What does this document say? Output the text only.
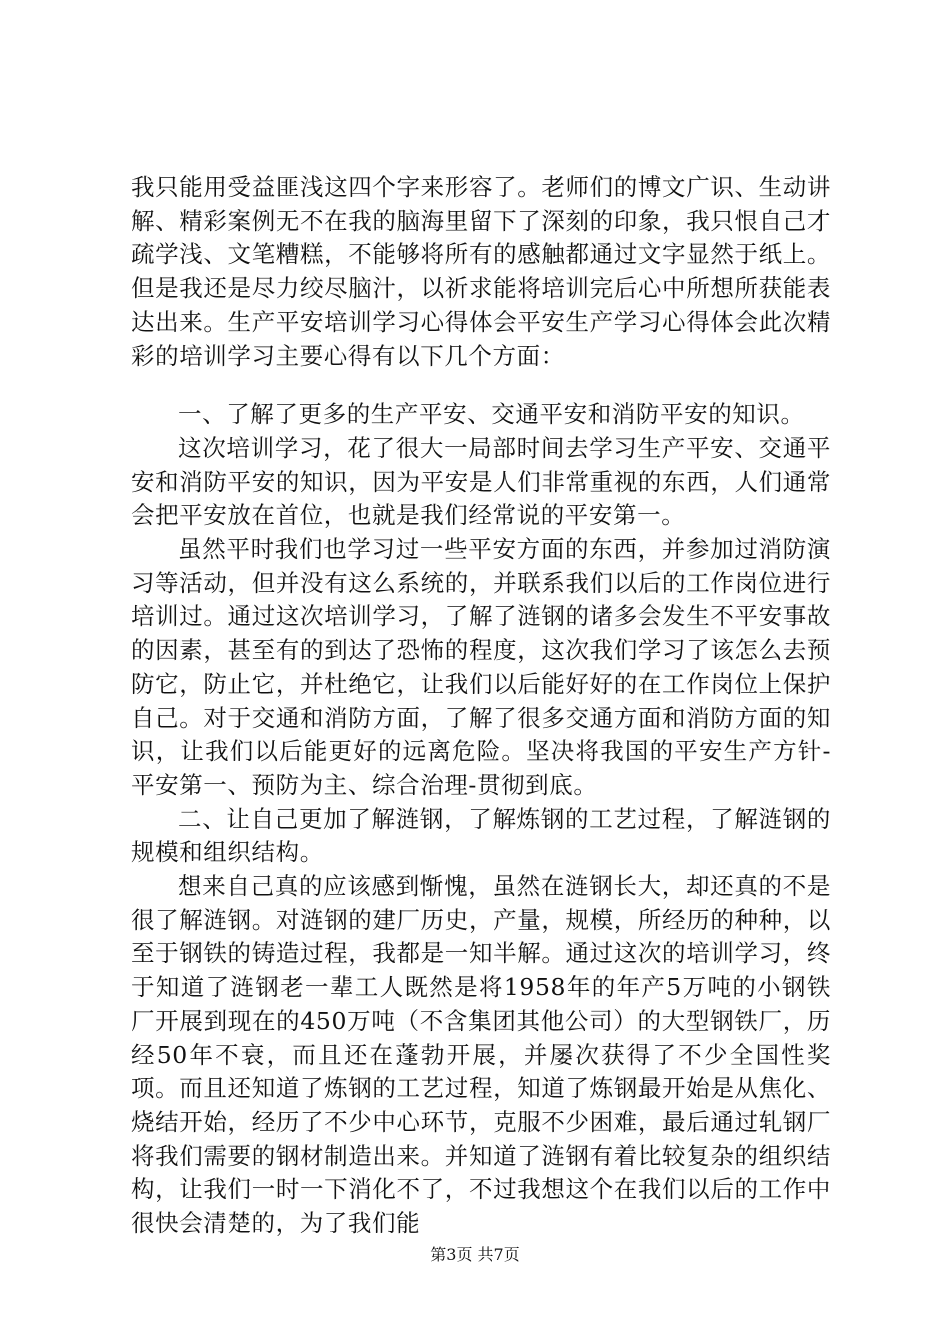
我只能用受益匪浅这四个字来形容了。老师们的博文广识、生动讲解、精彩案例无不在我的脑海里留下了深刻的印象，我只恨自己才疏学浅、文笔糟糕，不能够将所有的感触都通过文字显然于纸上。但是我还是尽力绞尽脑汁，以祈求能将培训完后心中所想所获能表达出来。生产平安培训学习心得体会平安生产学习心得体会此次精彩的培训学习主要心得有以下几个方面：

一、了解了更多的生产平安、交通平安和消防平安的知识。

这次培训学习，花了很大一局部时间去学习生产平安、交通平安和消防平安的知识，因为平安是人们非常重视的东西，人们通常会把平安放在首位，也就是我们经常说的平安第一。

虽然平时我们也学习过一些平安方面的东西，并参加过消防演习等活动，但并没有这么系统的，并联系我们以后的工作岗位进行培训过。通过这次培训学习，了解了涟钢的诸多会发生不平安事故的因素，甚至有的到达了恐怖的程度，这次我们学习了该怎么去预防它，防止它，并杜绝它，让我们以后能好好的在工作岗位上保护自己。对于交通和消防方面，了解了很多交通方面和消防方面的知识，让我们以后能更好的远离危险。坚决将我国的平安生产方针-平安第一、预防为主、综合治理-贯彻到底。

二、让自己更加了解涟钢，了解炼钢的工艺过程，了解涟钢的规模和组织结构。

想来自己真的应该感到惭愧，虽然在涟钢长大，却还真的不是很了解涟钢。对涟钢的建厂历史，产量，规模，所经历的种种，以至于钢铁的铸造过程，我都是一知半解。通过这次的培训学习，终于知道了涟钢老一辈工人既然是将1958年的年产5万吨的小钢铁厂开展到现在的450万吨（不含集团其他公司）的大型钢铁厂，历经50年不衰，而且还在蓬勃开展，并屡次获得了不少全国性奖项。而且还知道了炼钢的工艺过程，知道了炼钢最开始是从焦化、烧结开始，经历了不少中心环节，克服不少困难，最后通过轧钢厂将我们需要的钢材制造出来。并知道了涟钢有着比较复杂的组织结构，让我们一时一下消化不了，不过我想这个在我们以后的工作中很快会清楚的，为了我们能

第3页 共7页
